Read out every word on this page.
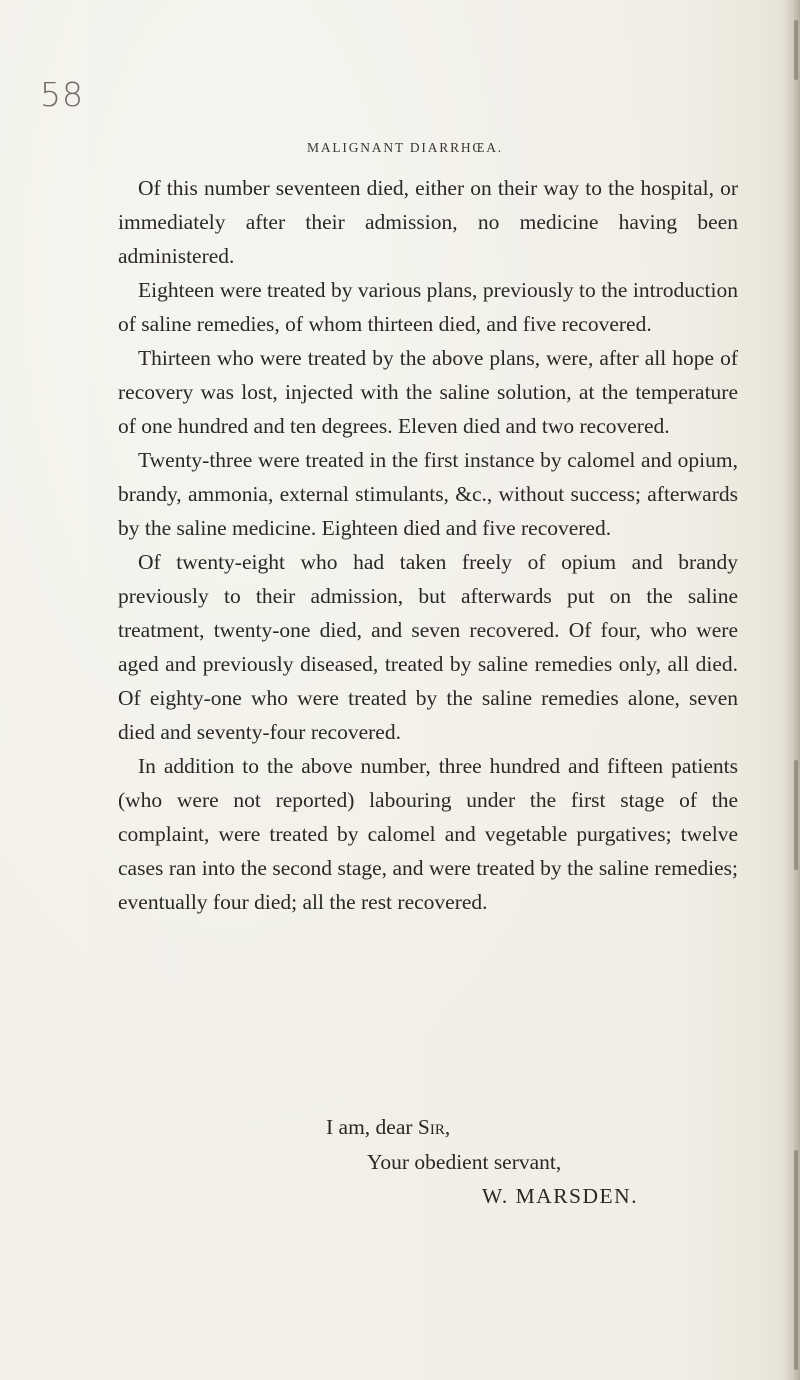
58
MALIGNANT DIARRHŒA.

Of this number seventeen died, either on their way to the hospital, or immediately after their admission, no medicine having been administered.

Eighteen were treated by various plans, previously to the introduction of saline remedies, of whom thirteen died, and five recovered.

Thirteen who were treated by the above plans, were, after all hope of recovery was lost, injected with the saline solution, at the temperature of one hundred and ten degrees. Eleven died and two recovered.

Twenty-three were treated in the first instance by calomel and opium, brandy, ammonia, external stimulants, &c., without success; afterwards by the saline medicine. Eighteen died and five recovered.

Of twenty-eight who had taken freely of opium and brandy previously to their admission, but afterwards put on the saline treatment, twenty-one died, and seven recovered. Of four, who were aged and previously diseased, treated by saline remedies only, all died. Of eighty-one who were treated by the saline remedies alone, seven died and seventy-four recovered.

In addition to the above number, three hundred and fifteen patients (who were not reported) labouring under the first stage of the complaint, were treated by calomel and vegetable purgatives; twelve cases ran into the second stage, and were treated by the saline remedies; eventually four died; all the rest recovered.

I am, dear Sir,
Your obedient servant,
W. MARSDEN.
